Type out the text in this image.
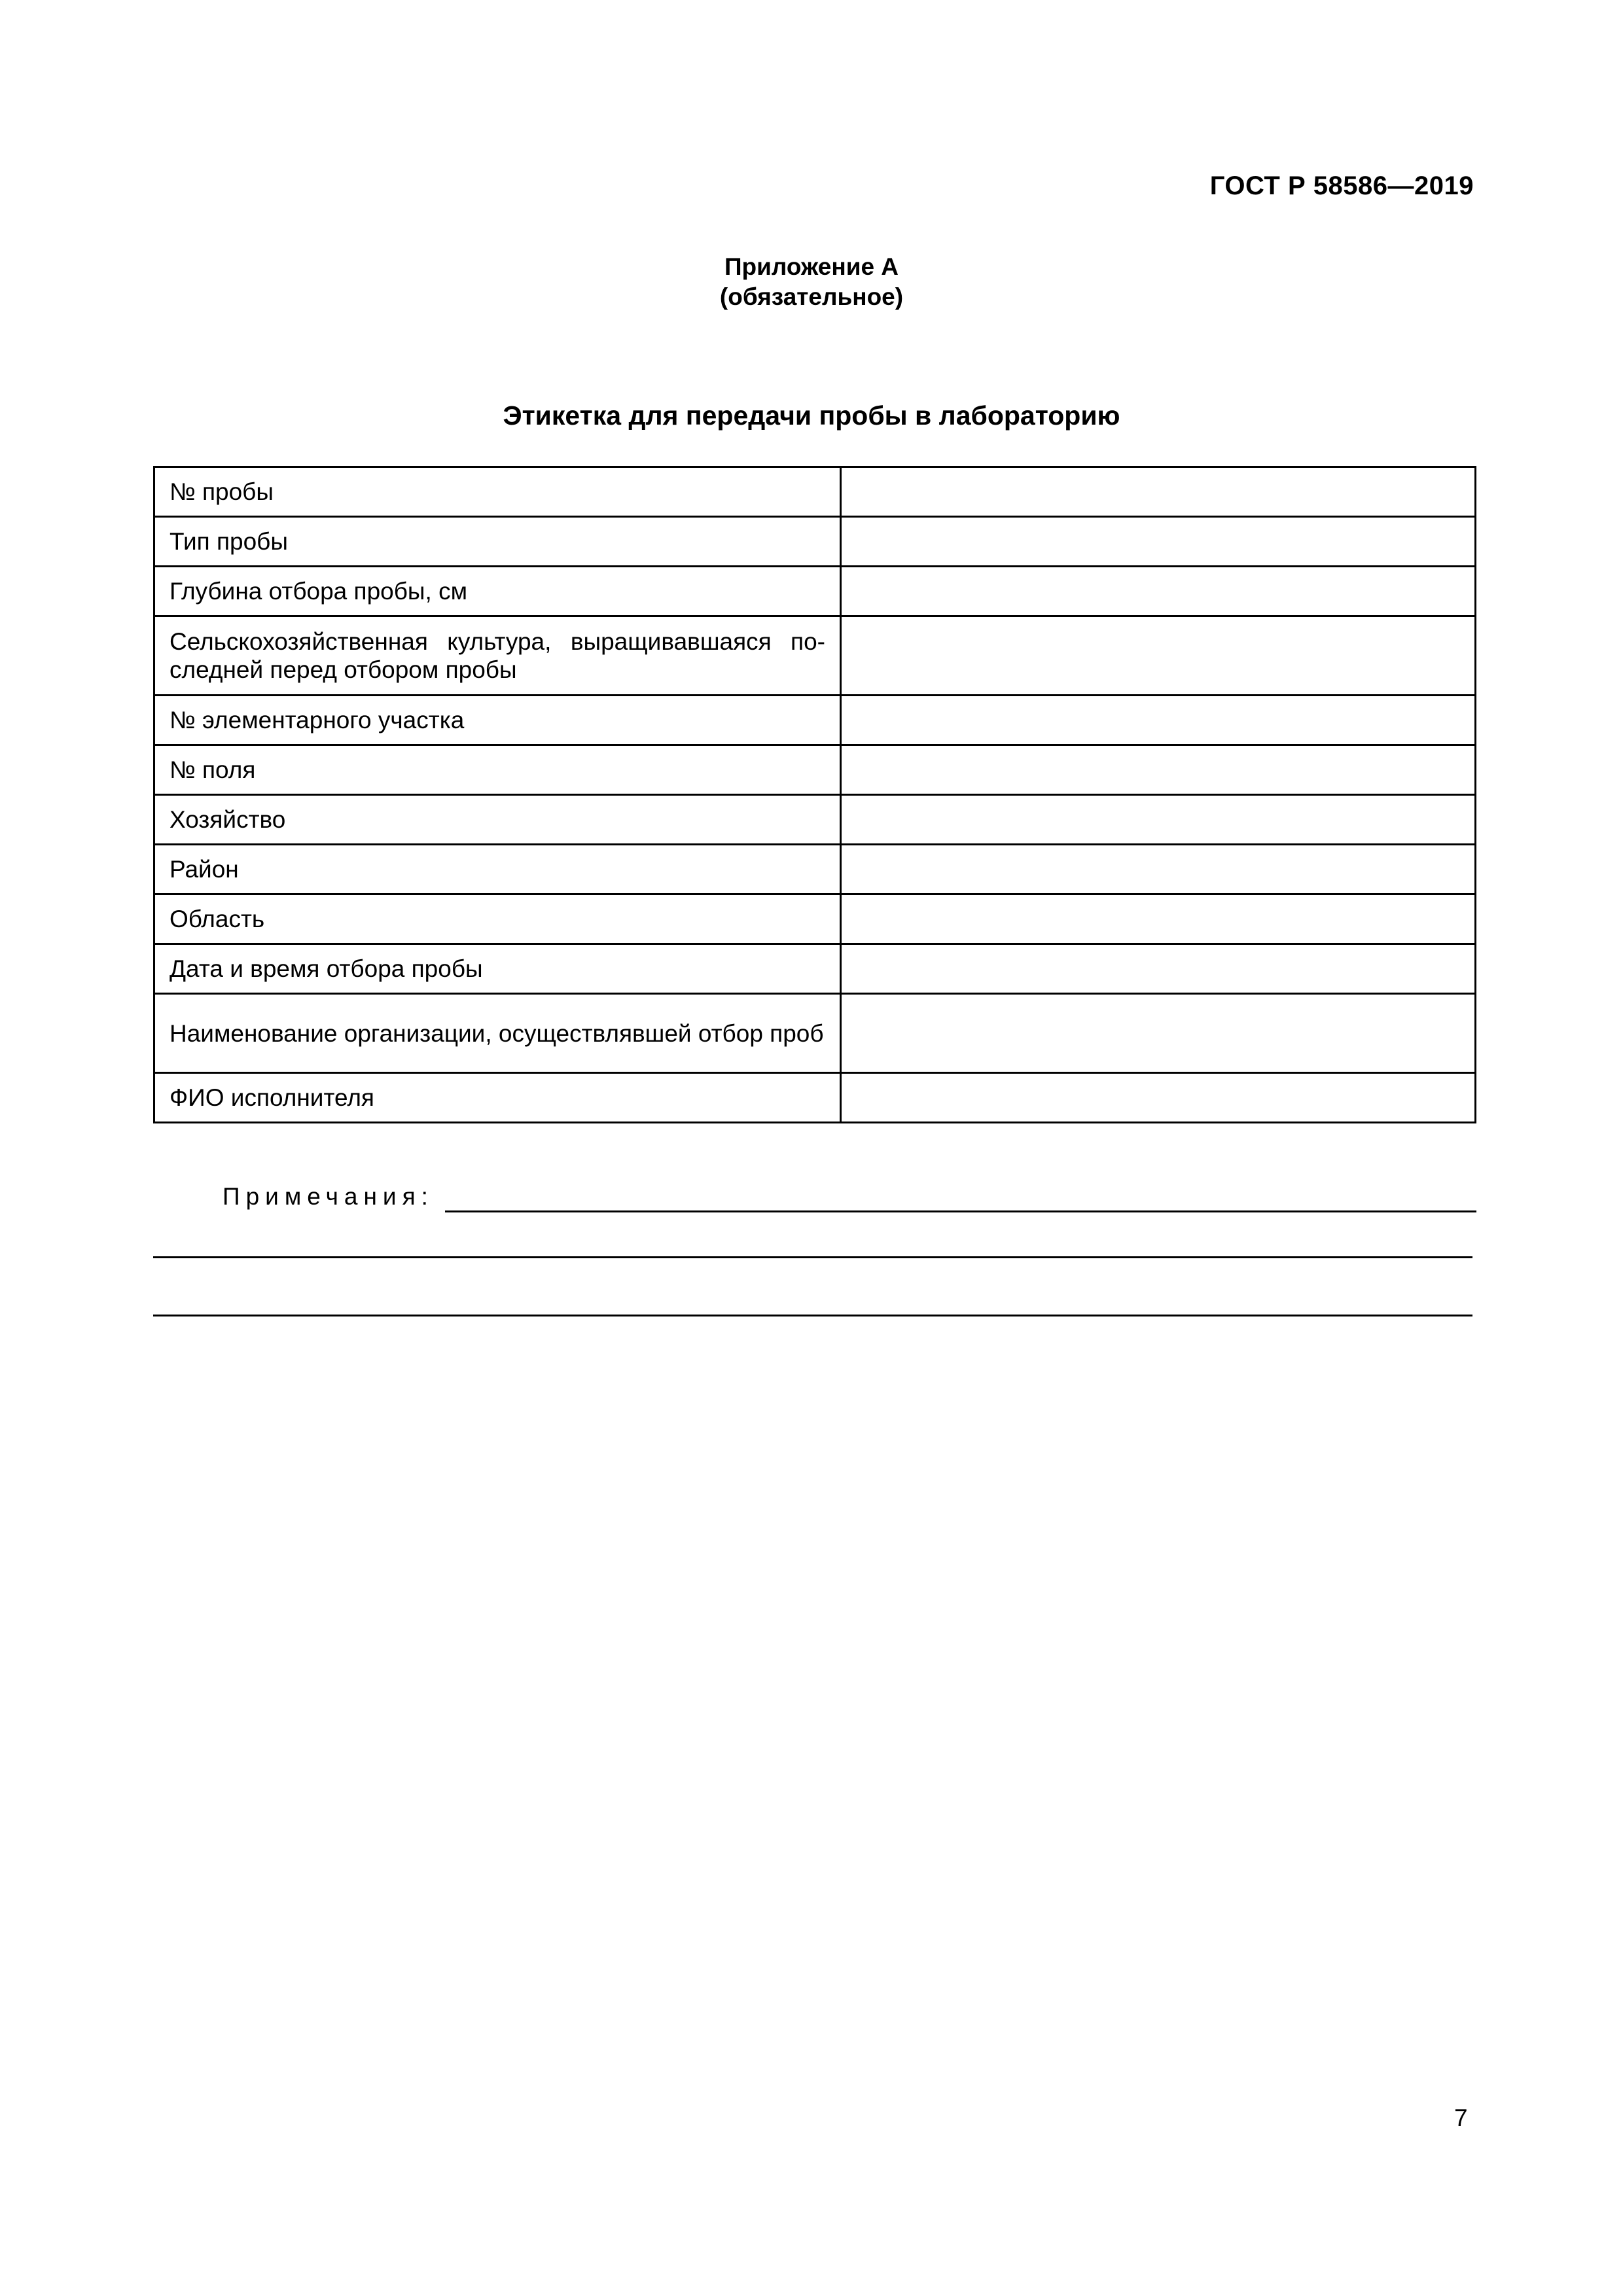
ГОСТ Р 58586—2019
Приложение А
(обязательное)
Этикетка для передачи пробы в лабораторию
№ пробы	
Тип пробы	
Глубина отбора пробы, см	
Сельскохозяйственная культура, выращивавшаяся по-следней перед отбором пробы	
№ элементарного участка	
№ поля	
Хозяйство	
Район	
Область	
Дата и время отбора пробы	
Наименование организации, осуществлявшей отбор проб	
ФИО исполнителя	
Примечания:
7
